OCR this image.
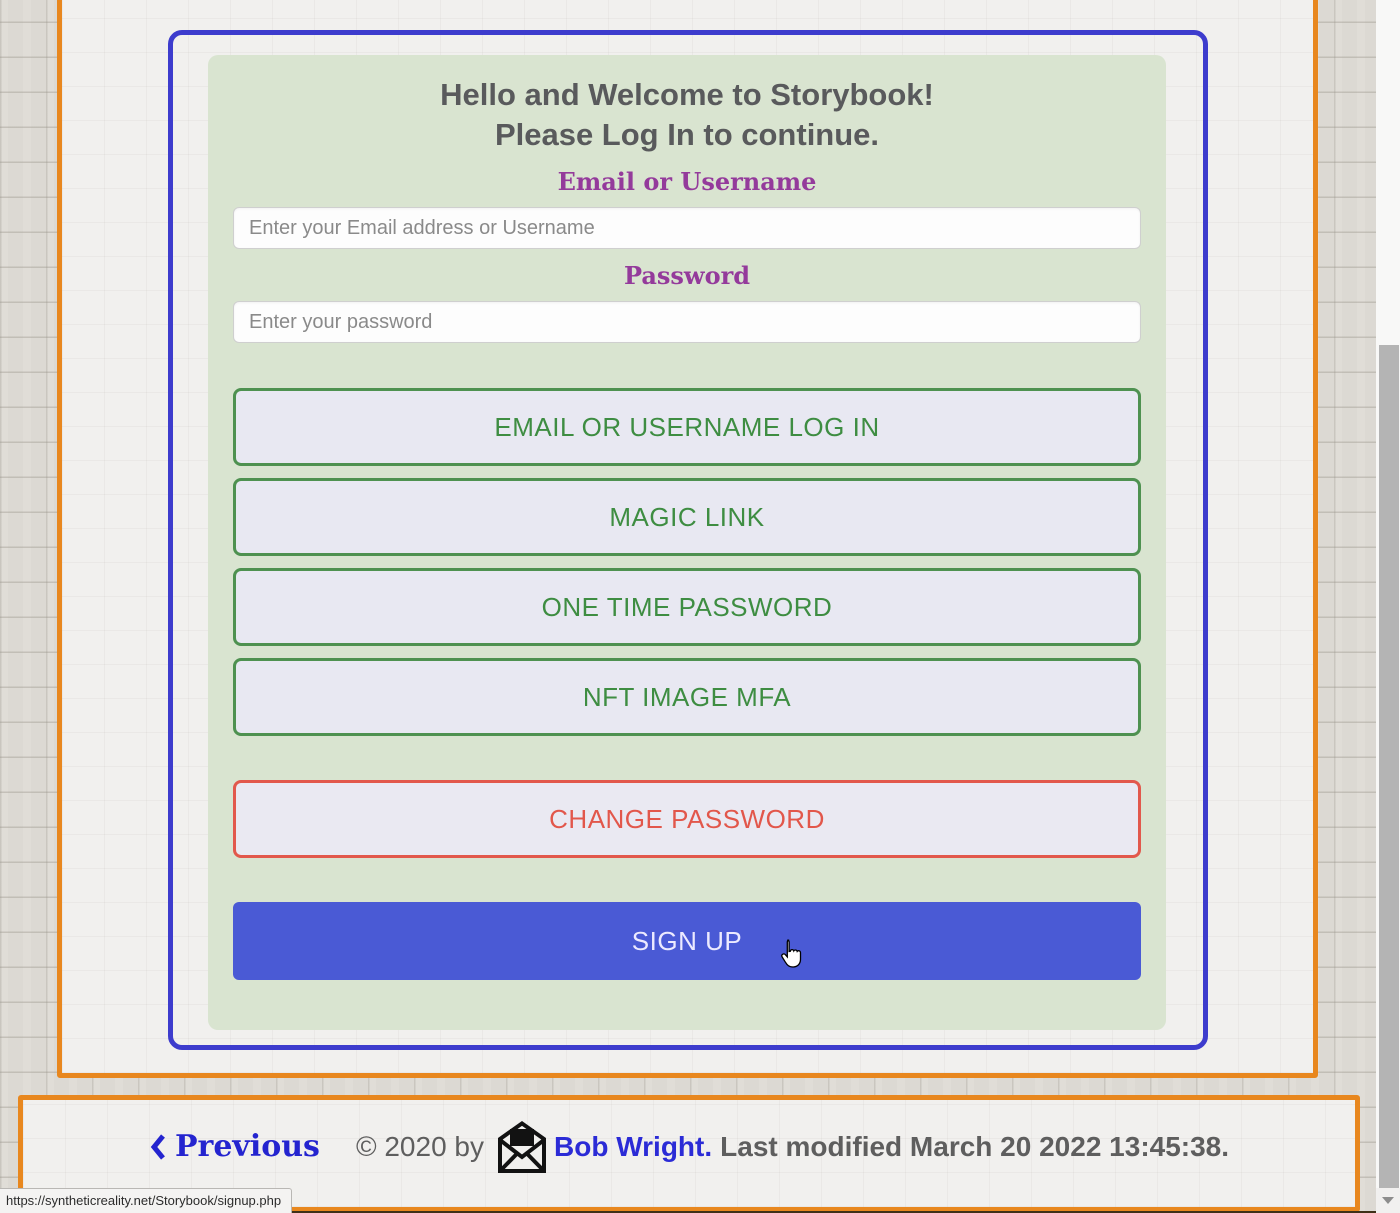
Hello and Welcome to Storybook!
Please Log In to continue.
Email or Username
Enter your Email address or Username
Password
Enter your password
EMAIL OR USERNAME LOG IN
MAGIC LINK
ONE TIME PASSWORD
NFT IMAGE MFA
CHANGE PASSWORD
SIGN UP
Previous © 2020 by	Bob Wright. Last modified March 20 2022 13:45:38.
https://syntheticreality.net/Storybook/signup.php
